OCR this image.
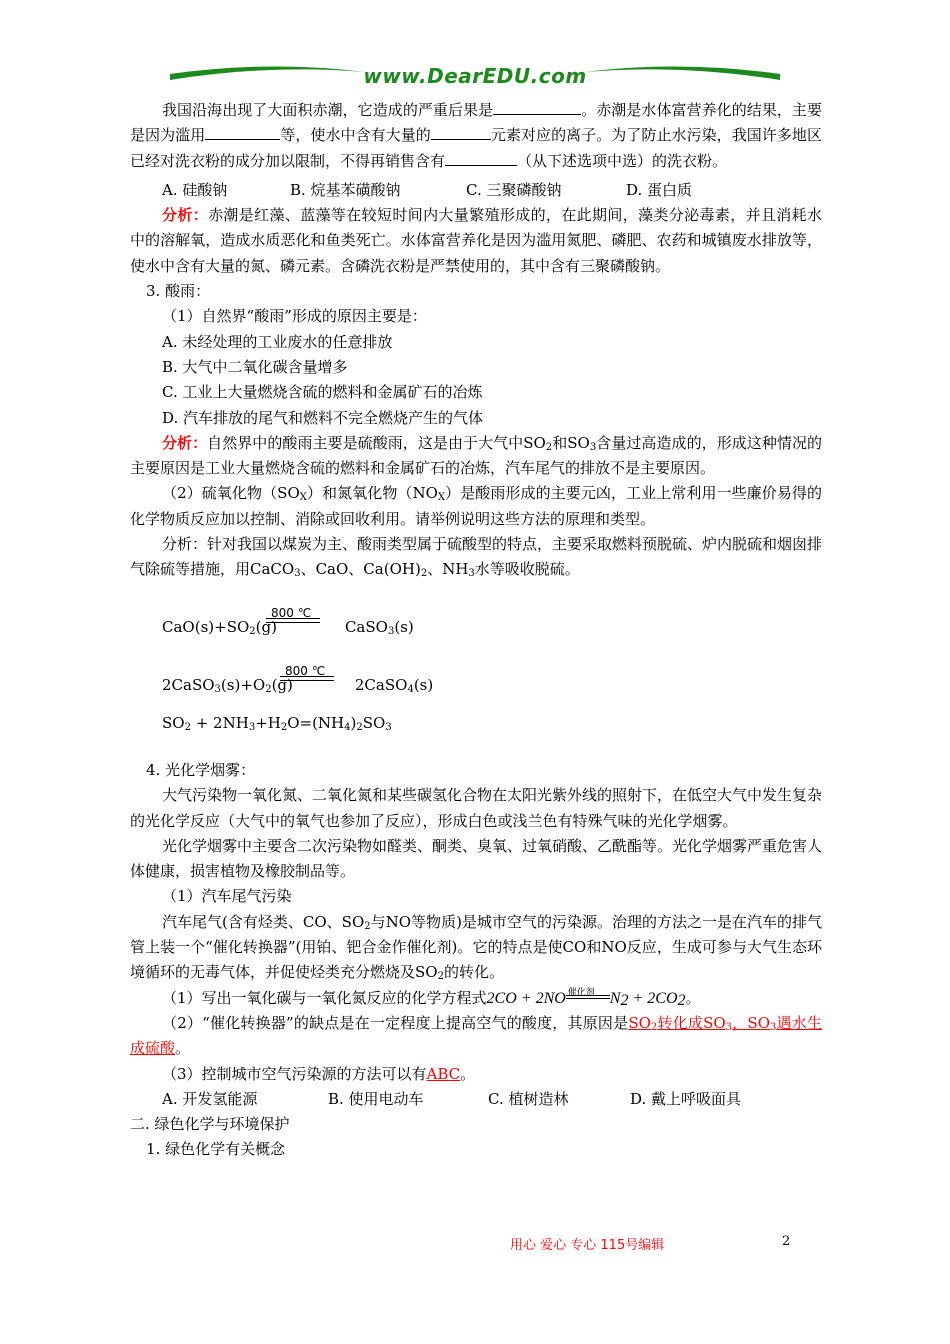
www.DearEDU.com

我国沿海出现了大面积赤潮，它造成的严重后果是	。赤潮是水体富营养化的结果，主要是因为滥用	等，使水中含有大量的	元素对应的离子。为了防止水污染，我国许多地区已经对洗衣粉的成分加以限制，不得再销售含有	（从下述选项中选）的洗衣粉。

A. 硅酸钠	B. 烷基苯磺酸钠	C. 三聚磷酸钠	D. 蛋白质

分析：赤潮是红藻、蓝藻等在较短时间内大量繁殖形成的，在此期间，藻类分泌毒素，并且消耗水中的溶解氧，造成水质恶化和鱼类死亡。水体富营养化是因为滥用氮肥、磷肥、农药和城镇废水排放等，使水中含有大量的氮、磷元素。含磷洗衣粉是严禁使用的，其中含有三聚磷酸钠。

3. 酸雨：

（1）自然界“酸雨”形成的原因主要是：

A. 未经处理的工业废水的任意排放

B. 大气中二氧化碳含量增多

C. 工业上大量燃烧含硫的燃料和金属矿石的冶炼

D. 汽车排放的尾气和燃料不完全燃烧产生的气体

分析：自然界中的酸雨主要是硫酸雨，这是由于大气中$SO_2$和$SO_3$含量过高造成的，形成这种情况的主要原因是工业大量燃烧含硫的燃料和金属矿石的冶炼，汽车尾气的排放不是主要原因。

（2）硫氧化物$(SO_X)$和氮氧化物$(NO_X)$是酸雨形成的主要元凶，工业上常利用一些廉价易得的化学物质反应加以控制、消除或回收利用。请举例说明这些方法的原理和类型。

分析：针对我国以煤炭为主、酸雨类型属于硫酸型的特点，主要采取燃料预脱硫、炉内脱硫和烟囱排气除硫等措施，用CaCO$_3$、CaO、$Ca(OH)_2$、$NH_3$水等吸收脱硫。

800 ℃
$CaO(s)+SO_2(g)$	CaSO$_3$(s)
800 ℃
$2CaSO_3(s)+O_2(g)$	2CaSO$_4$(s)

$SO_2 + 2NH_3+H_2O=(NH_4)_2SO_3$

4. 光化学烟雾：

大气污染物一氧化氮、二氧化氮和某些碳氢化合物在太阳光紫外线的照射下，在低空大气中发生复杂的光化学反应（大气中的氧气也参加了反应），形成白色或浅兰色有特殊气味的光化学烟雾。

光化学烟雾中主要含二次污染物如醛类、酮类、臭氧、过氧硝酸、乙酰酯等。光化学烟雾严重危害人体健康，损害植物及橡胶制品等。

（1）汽车尾气污染

汽车尾气(含有烃类、CO、$SO_2$与NO等物质)是城市空气的污染源。治理的方法之一是在汽车的排气管上装一个“催化转换器”(用铂、钯合金作催化剂)。它的特点是使CO和NO反应，生成可参与大气生态环境循环的无毒气体，并促使烃类充分燃烧及$SO_2$的转化。

（1）写出一氧化碳与一氧化氮反应的化学方程式2CO + 2NO 催化剂 $N_2 + 2CO_2$。

（2）“催化转换器”的缺点是在一定程度上提高空气的酸度，其原因是$SO_2$转化成$SO_3$，$SO_3$遇水生成硫酸。

（3）控制城市空气污染源的方法可以有ABC。

A. 开发氢能源	B. 使用电动车	C. 植树造林	D. 戴上呼吸面具

二. 绿色化学与环境保护

1. 绿色化学有关概念

用心 爱心 专心 115号编辑	2
